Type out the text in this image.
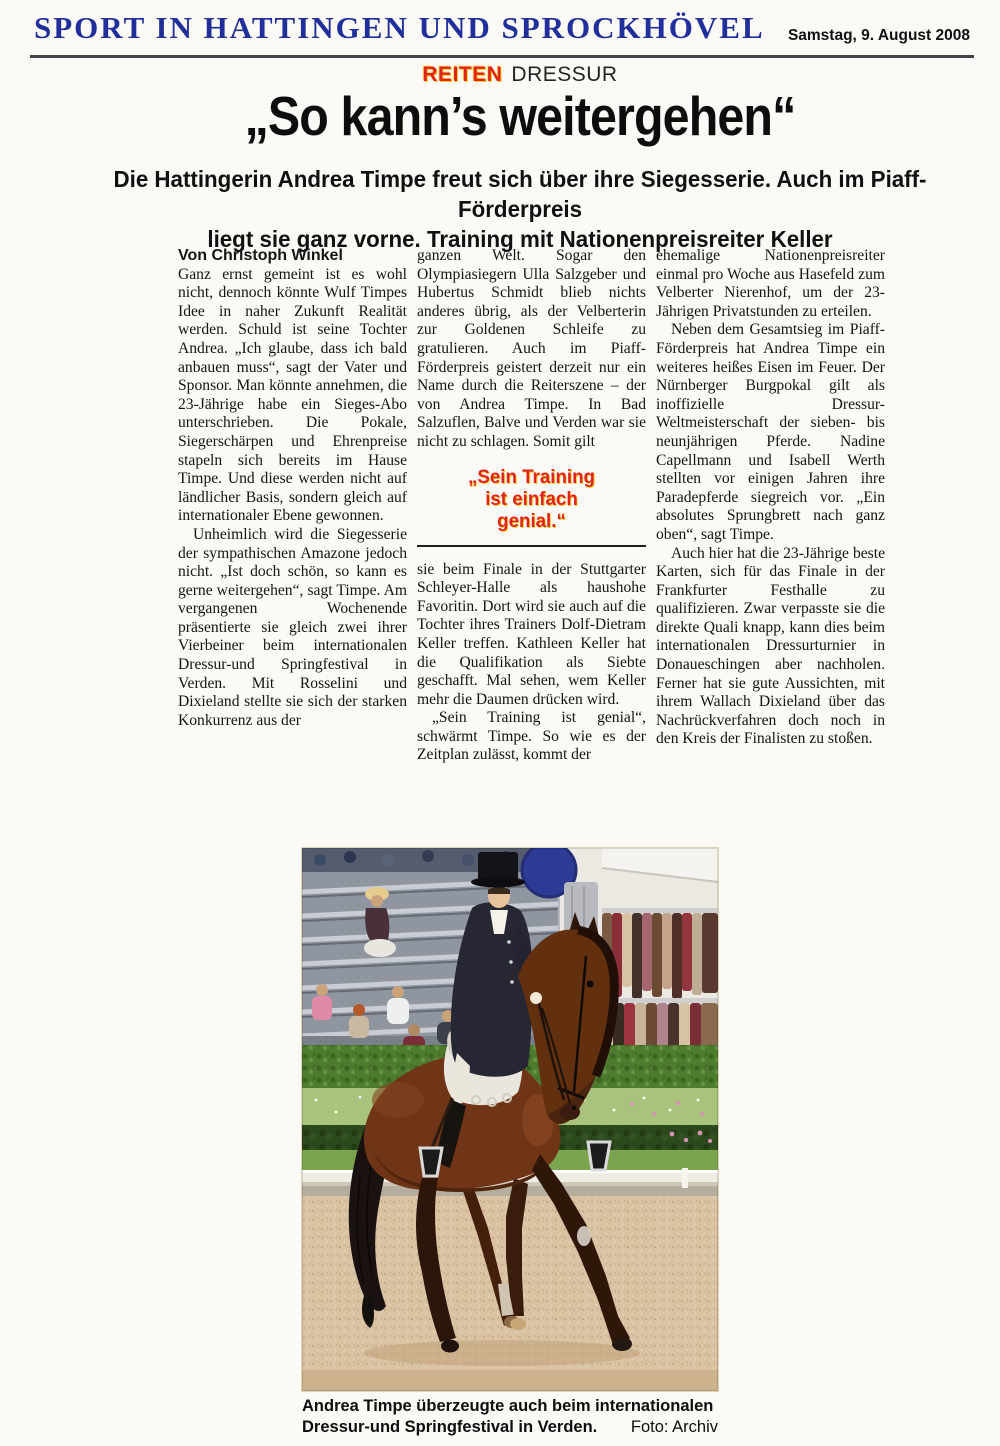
SPORT IN HATTINGEN UND SPROCKHÖVEL Samstag, 9. August 2008
REITEN DRESSUR
„So kann’s weitergehen“
Die Hattingerin Andrea Timpe freut sich über ihre Siegesserie. Auch im Piaff-Förderpreis
liegt sie ganz vorne. Training mit Nationenpreisreiter Keller

Von Christoph Winkel

Ganz ernst gemeint ist es wohl nicht, dennoch könnte Wulf Timpes Idee in naher Zukunft Realität werden. Schuld ist seine Tochter Andrea. „Ich glaube, dass ich bald anbauen muss“, sagt der Vater und Sponsor. Man könnte annehmen, die 23-Jährige habe ein Sieges-Abo unterschrieben. Die Pokale, Siegerschärpen und Ehrenpreise stapeln sich bereits im Hause Timpe. Und diese werden nicht auf ländlicher Basis, sondern gleich auf internationaler Ebene gewonnen.

Unheimlich wird die Siegesserie der sympathischen Amazone jedoch nicht. „Ist doch schön, so kann es gerne weitergehen“, sagt Timpe. Am vergangenen Wochenende präsentierte sie gleich zwei ihrer Vierbeiner beim internationalen Dressur-und Springfestival in Verden. Mit Rosselini und Dixieland stellte sie sich der starken Konkurrenz aus der

ganzen Welt. Sogar den Olympiasiegern Ulla Salzgeber und Hubertus Schmidt blieb nichts anderes übrig, als der Velberterin zur Goldenen Schleife zu gratulieren. Auch im Piaff-Förderpreis geistert derzeit nur ein Name durch die Reiterszene – der von Andrea Timpe. In Bad Salzuflen, Balve und Verden war sie nicht zu schlagen. Somit gilt

„Sein Training
ist einfach
genial.“

sie beim Finale in der Stuttgarter Schleyer-Halle als haushohe Favoritin. Dort wird sie auch auf die Tochter ihres Trainers Dolf-Dietram Keller treffen. Kathleen Keller hat die Qualifikation als Siebte geschafft. Mal sehen, wem Keller mehr die Daumen drücken wird.

„Sein Training ist genial“, schwärmt Timpe. So wie es der Zeitplan zulässt, kommt der

ehemalige Nationenpreisreiter einmal pro Woche aus Hasefeld zum Velberter Nierenhof, um der 23-Jährigen Privatstunden zu erteilen.

Neben dem Gesamtsieg im Piaff-Förderpreis hat Andrea Timpe ein weiteres heißes Eisen im Feuer. Der Nürnberger Burgpokal gilt als inoffizielle Dressur-Weltmeisterschaft der sieben- bis neunjährigen Pferde. Nadine Capellmann und Isabell Werth stellten vor einigen Jahren ihre Paradepferde siegreich vor. „Ein absolutes Sprungbrett nach ganz oben“, sagt Timpe.

Auch hier hat die 23-Jährige beste Karten, sich für das Finale in der Frankfurter Festhalle zu qualifizieren. Zwar verpasste sie die direkte Quali knapp, kann dies beim internationalen Dressurturnier in Donaueschingen aber nachholen. Ferner hat sie gute Aussichten, mit ihrem Wallach Dixieland über das Nachrückverfahren doch noch in den Kreis der Finalisten zu stoßen.

Andrea Timpe überzeugte auch beim internationalen Dressur-und Springfestival in Verden. Foto: Archiv
